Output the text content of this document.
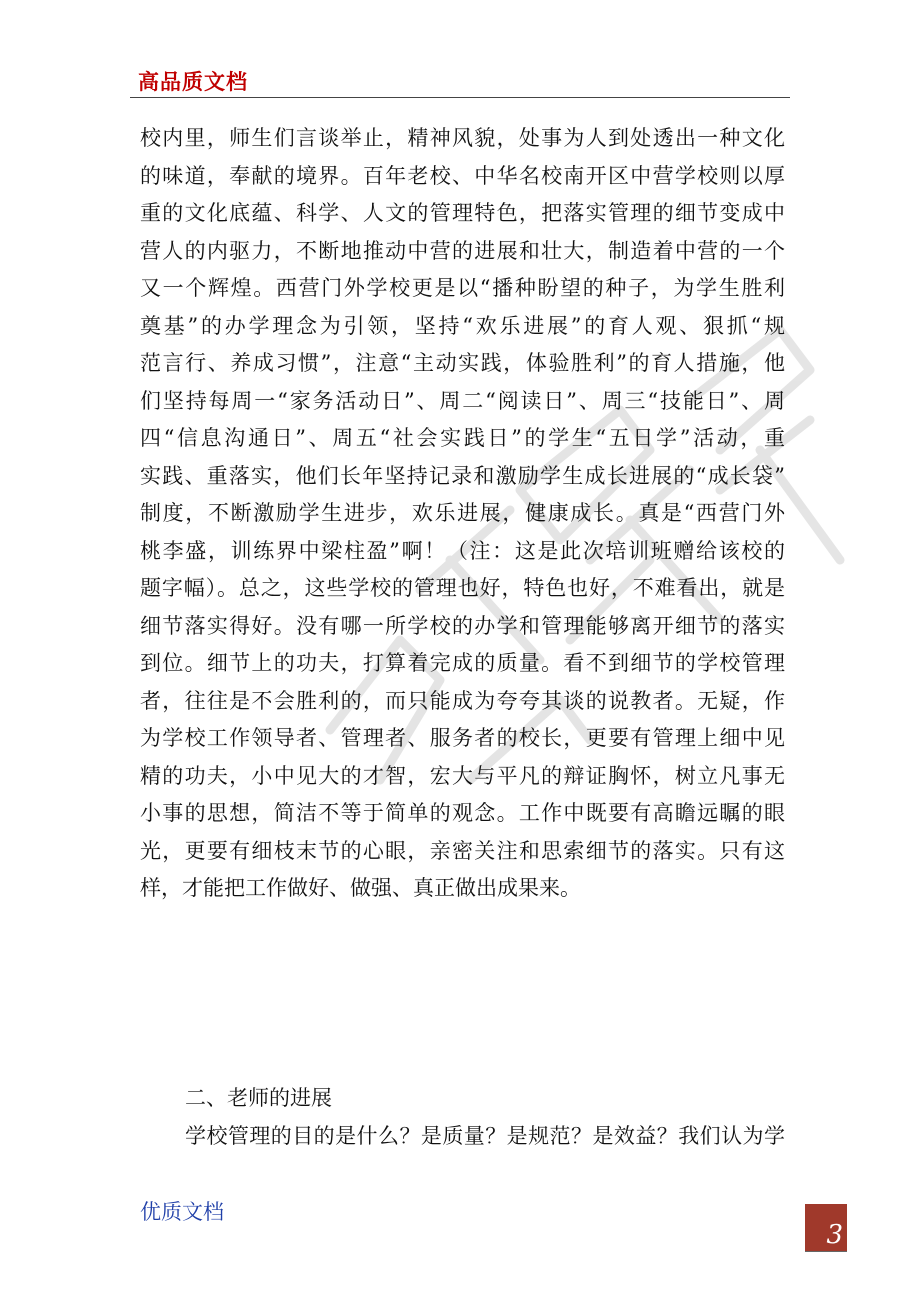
高品质文档

校内里，师生们言谈举止，精神风貌，处事为人到处透出一种文化

的味道，奉献的境界。百年老校、中华名校南开区中营学校则以厚

重的文化底蕴、科学、人文的管理特色，把落实管理的细节变成中

营人的内驱力，不断地推动中营的进展和壮大，制造着中营的一个

又一个辉煌。西营门外学校更是以“播种盼望的种子，为学生胜利

奠基”的办学理念为引领，坚持“欢乐进展”的育人观、狠抓“规

范言行、养成习惯”，注意“主动实践，体验胜利”的育人措施，他

们坚持每周一“家务活动日”、周二“阅读日”、周三“技能日”、周

四“信息沟通日”、周五“社会实践日”的学生“五日学”活动，重

实践、重落实，他们长年坚持记录和激励学生成长进展的“成长袋”

制度，不断激励学生进步，欢乐进展，健康成长。真是“西营门外

桃李盛，训练界中梁柱盈”啊！（注：这是此次培训班赠给该校的

题字幅）。总之，这些学校的管理也好，特色也好，不难看出，就是

细节落实得好。没有哪一所学校的办学和管理能够离开细节的落实

到位。细节上的功夫，打算着完成的质量。看不到细节的学校管理

者，往往是不会胜利的，而只能成为夸夸其谈的说教者。无疑，作

为学校工作领导者、管理者、服务者的校长，更要有管理上细中见

精的功夫，小中见大的才智，宏大与平凡的辩证胸怀，树立凡事无

小事的思想，简洁不等于简单的观念。工作中既要有高瞻远瞩的眼

光，更要有细枝末节的心眼，亲密关注和思索细节的落实。只有这

样，才能把工作做好、做强、真正做出成果来。

二、老师的进展
学校管理的目的是什么？是质量？是规范？是效益？我们认为学
优质文档
3
